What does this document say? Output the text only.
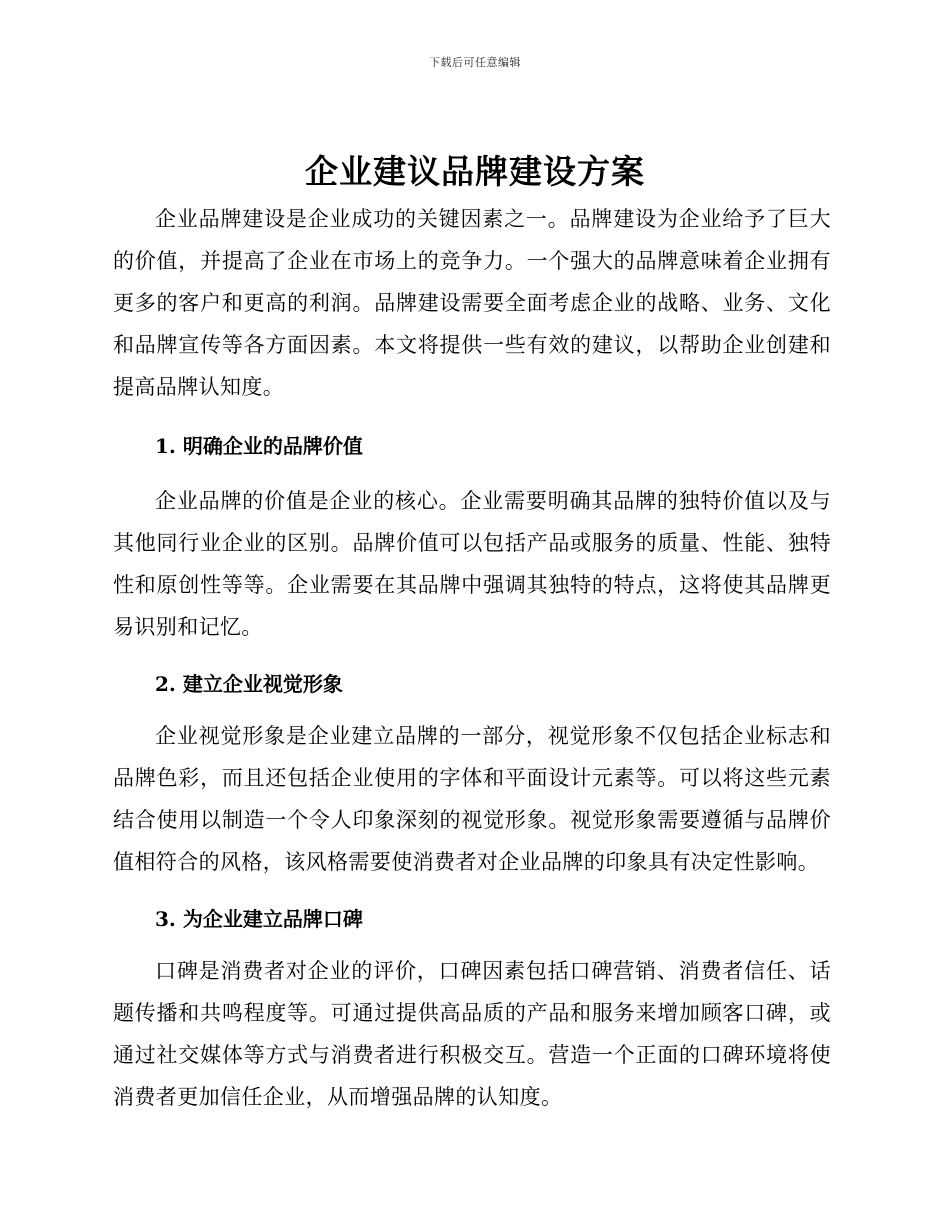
下载后可任意编辑
企业建议品牌建设方案

企业品牌建设是企业成功的关键因素之一。品牌建设为企业给予了巨大的价值，并提高了企业在市场上的竞争力。一个强大的品牌意味着企业拥有更多的客户和更高的利润。品牌建设需要全面考虑企业的战略、业务、文化和品牌宣传等各方面因素。本文将提供一些有效的建议，以帮助企业创建和提高品牌认知度。

1. 明确企业的品牌价值

企业品牌的价值是企业的核心。企业需要明确其品牌的独特价值以及与其他同行业企业的区别。品牌价值可以包括产品或服务的质量、性能、独特性和原创性等等。企业需要在其品牌中强调其独特的特点，这将使其品牌更易识别和记忆。

2. 建立企业视觉形象

企业视觉形象是企业建立品牌的一部分，视觉形象不仅包括企业标志和品牌色彩，而且还包括企业使用的字体和平面设计元素等。可以将这些元素结合使用以制造一个令人印象深刻的视觉形象。视觉形象需要遵循与品牌价值相符合的风格，该风格需要使消费者对企业品牌的印象具有决定性影响。

3. 为企业建立品牌口碑

口碑是消费者对企业的评价，口碑因素包括口碑营销、消费者信任、话题传播和共鸣程度等。可通过提供高品质的产品和服务来增加顾客口碑，或通过社交媒体等方式与消费者进行积极交互。营造一个正面的口碑环境将使消费者更加信任企业，从而增强品牌的认知度。
